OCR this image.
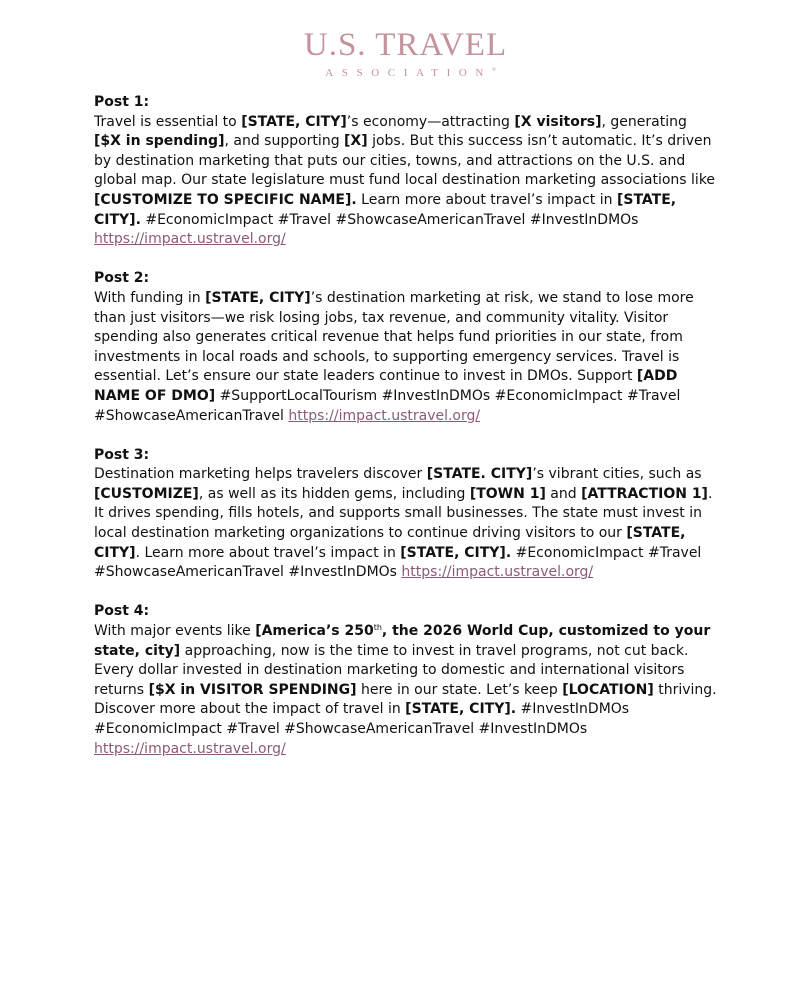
U.S. TRAVEL
ASSOCIATION®
Post 1:

Travel is essential to [STATE, CITY]’s economy—attracting [X visitors], generating [$X in spending], and supporting [X] jobs. But this success isn’t automatic. It’s driven by destination marketing that puts our cities, towns, and attractions on the U.S. and global map. Our state legislature must fund local destination marketing associations like [CUSTOMIZE TO SPECIFIC NAME]. Learn more about travel’s impact in [STATE, CITY]. #EconomicImpact #Travel #ShowcaseAmericanTravel #InvestInDMOs
https://impact.ustravel.org/

Post 2:

With funding in [STATE, CITY]’s destination marketing at risk, we stand to lose more than just visitors—we risk losing jobs, tax revenue, and community vitality. Visitor spending also generates critical revenue that helps fund priorities in our state, from investments in local roads and schools, to supporting emergency services. Travel is essential. Let’s ensure our state leaders continue to invest in DMOs. Support [ADD NAME OF DMO] #SupportLocalTourism #InvestInDMOs #EconomicImpact #Travel #ShowcaseAmericanTravel https://impact.ustravel.org/

Post 3:

Destination marketing helps travelers discover [STATE. CITY]’s vibrant cities, such as [CUSTOMIZE], as well as its hidden gems, including [TOWN 1] and [ATTRACTION 1]. It drives spending, fills hotels, and supports small businesses. The state must invest in local destination marketing organizations to continue driving visitors to our [STATE, CITY]. Learn more about travel’s impact in [STATE, CITY]. #EconomicImpact #Travel #ShowcaseAmericanTravel #InvestInDMOs https://impact.ustravel.org/

Post 4:

With major events like [America’s 250th, the 2026 World Cup, customized to your state, city] approaching, now is the time to invest in travel programs, not cut back. Every dollar invested in destination marketing to domestic and international visitors returns [$X in VISITOR SPENDING] here in our state. Let’s keep [LOCATION] thriving. Discover more about the impact of travel in [STATE, CITY]. #InvestInDMOs #EconomicImpact #Travel #ShowcaseAmericanTravel #InvestInDMOs https://impact.ustravel.org/
